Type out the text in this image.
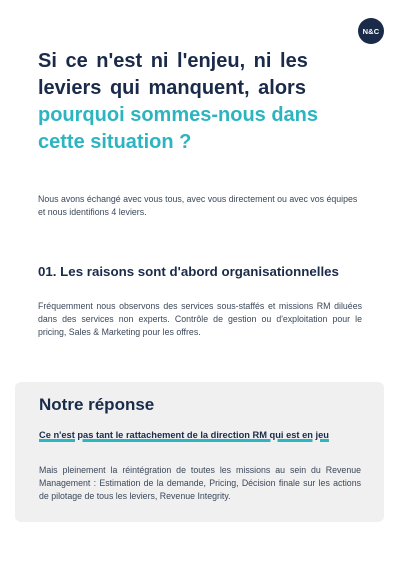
N&C
Si ce n'est ni l'enjeu, ni les
leviers qui manquent, alors
pourquoi sommes-nous dans
cette situation ?

Nous avons échangé avec vous tous, avec vous directement ou avec vos équipes et nous identifions 4 leviers.

01. Les raisons sont d'abord organisationnelles

Fréquemment nous observons des services sous-staffés et missions RM diluées dans des services non experts. Contrôle de gestion ou d'exploitation pour le pricing, Sales & Marketing pour les offres.

Notre réponse

Ce n'est pas tant le rattachement de la direction RM qui est en jeu

Mais pleinement la réintégration de toutes les missions au sein du Revenue Management : Estimation de la demande, Pricing, Décision finale sur les actions de pilotage de tous les leviers, Revenue Integrity.
